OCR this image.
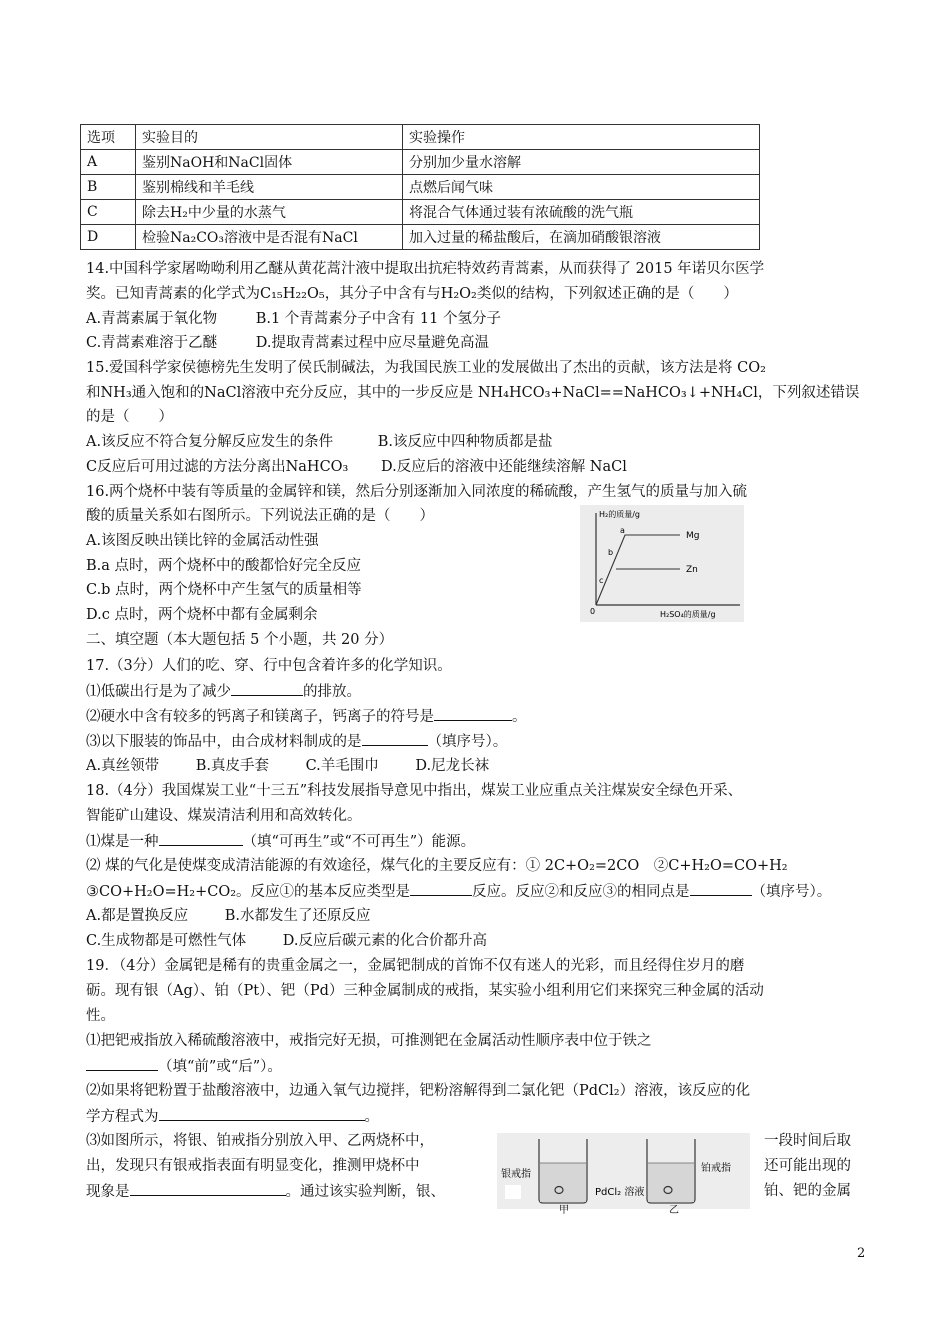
选项	实验目的	实验操作
A	鉴别NaOH和NaCl固体	分别加少量水溶解
B	鉴别棉线和羊毛线	点燃后闻气味
C	除去H₂中少量的水蒸气	将混合气体通过装有浓硫酸的洗气瓶
D	检验Na₂CO₃溶液中是否混有NaCl	加入过量的稀盐酸后，在滴加硝酸银溶液
14.中国科学家屠呦呦利用乙醚从黄花蒿汁液中提取出抗疟特效药青蒿素，从而获得了 2015 年诺贝尔医学
奖。已知青蒿素的化学式为C₁₅H₂₂O₅，其分子中含有与H₂O₂类似的结构，下列叙述正确的是（　　）
A.青蒿素属于氧化物	B.1 个青蒿素分子中含有 11 个氢分子
C.青蒿素难溶于乙醚	D.提取青蒿素过程中应尽量避免高温
15.爱国科学家侯德榜先生发明了侯氏制碱法，为我国民族工业的发展做出了杰出的贡献，该方法是将 CO₂
和NH₃通入饱和的NaCl溶液中充分反应，其中的一步反应是 NH₄HCO₃+NaCl==NaHCO₃↓+NH₄Cl，下列叙述错误
的是（　　）
A.该反应不符合复分解反应发生的条件	B.该反应中四种物质都是盐
C反应后可用过滤的方法分离出NaHCO₃ D.反应后的溶液中还能继续溶解 NaCl
16.两个烧杯中装有等质量的金属锌和镁，然后分别逐渐加入同浓度的稀硫酸，产生氢气的质量与加入硫
酸的质量关系如右图所示。下列说法正确的是（　　）
A.该图反映出镁比锌的金属活动性强
B.a 点时，两个烧杯中的酸都恰好完全反应
C.b 点时，两个烧杯中产生氢气的质量相等
D.c 点时，两个烧杯中都有金属剩余
H₂的质量/g
H₂SO₄的质量/g
0
Mg
Zn
a
b
c
二、填空题（本大题包括 5 个小题，共 20 分）
17.（3分）人们的吃、穿、行中包含着许多的化学知识。
⑴低碳出行是为了减少	的排放。
⑵硬水中含有较多的钙离子和镁离子，钙离子的符号是	。
⑶以下服装的饰品中，由合成材料制成的是	（填序号）。
A.真丝领带	B.真皮手套	C.羊毛围巾	D.尼龙长袜
18.（4分）我国煤炭工业“十三五”科技发展指导意见中指出，煤炭工业应重点关注煤炭安全绿色开采、
智能矿山建设、煤炭清洁利用和高效转化。
⑴煤是一种	（填“可再生”或“不可再生”）能源。
⑵ 煤的气化是使煤变成清洁能源的有效途径，煤气化的主要反应有：① 2C+O₂=2CO　②C+H₂O=CO+H₂
③CO+H₂O=H₂+CO₂。反应①的基本反应类型是	反应。反应②和反应③的相同点是	（填序号）。
A.都是置换反应	B.水都发生了还原反应
C.生成物都是可燃性气体	D.反应后碳元素的化合价都升高
19．（4分）金属钯是稀有的贵重金属之一，金属钯制成的首饰不仅有迷人的光彩，而且经得住岁月的磨
砺。现有银（Ag）、铂（Pt）、钯（Pd）三种金属制成的戒指，某实验小组利用它们来探究三种金属的活动
性。
⑴把钯戒指放入稀硫酸溶液中，戒指完好无损，可推测钯在金属活动性顺序表中位于铁之
（填“前”或“后”）。
⑵如果将钯粉置于盐酸溶液中，边通入氧气边搅拌，钯粉溶解得到二氯化钯（PdCl₂）溶液，该反应的化
学方程式为	。
⑶如图所示，将银、铂戒指分别放入甲、乙两烧杯中，	一段时间后取
出，发现只有银戒指表面有明显变化，推测甲烧杯中	还可能出现的
现象是	。通过该实验判断，银、	铂、钯的金属
银戒指
铂戒指
PdCl₂ 溶液
甲	乙
2
